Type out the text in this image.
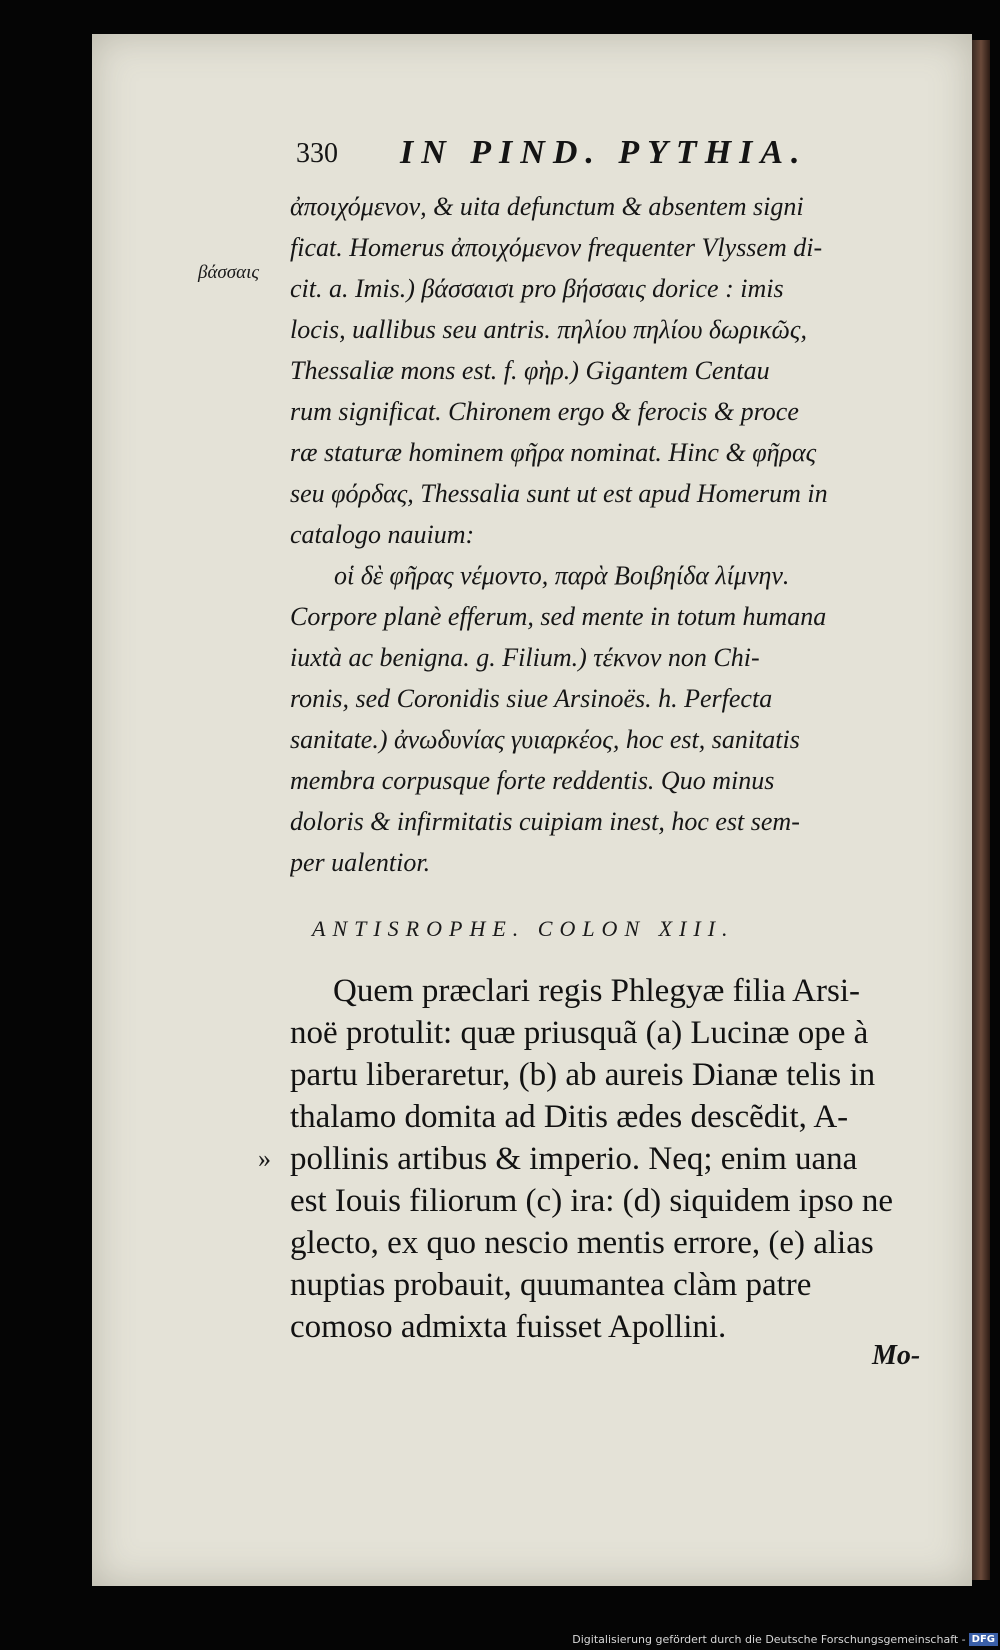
330 IN PIND. PYTHIA.
βάσσαις
ἀποιχόμενον, & uita defunctum & absentem signi
ficat. Homerus ἀποιχόμενον frequenter Vlyssem di-
cit. a. Imis.) βάσσαισι pro βήσσαις dorice : imis
locis, uallibus seu antris. πηλίου πηλίου δωρικῶς,
Thessaliæ mons est. f. φὴρ.) Gigantem Centau
rum significat. Chironem ergo & ferocis & proce
ræ staturæ hominem φῆρα nominat. Hinc & φῆρας
seu φόρδας, Thessalia sunt ut est apud Homerum in
catalogo nauium:
οἱ δὲ φῆρας νέμοντο, παρὰ Βοιβηίδα λίμνην.
Corpore planè efferum, sed mente in totum humana
iuxtà ac benigna. g. Filium.) τέκνον non Chi-
ronis, sed Coronidis siue Arsinoës. h. Perfecta
sanitate.) ἀνωδυνίας γυιαρκέος, hoc est, sanitatis
membra corpusque forte reddentis. Quo minus
doloris & infirmitatis cuipiam inest, hoc est sem-
per ualentior.
ANTISROPHE. COLON XIII.
»
Quem præclari regis Phlegyæ filia Arsi-
noë protulit: quæ priusquã (a) Lucinæ ope à
partu liberaretur, (b) ab aureis Dianæ telis in
thalamo domita ad Ditis ædes descẽdit, A-
pollinis artibus & imperio. Neq; enim uana
est Iouis filiorum (c) ira: (d) siquidem ipso ne
glecto, ex quo nescio mentis errore, (e) alias
nuptias probauit, quumantea clàm patre
comoso admixta fuisset Apollini.
Mo-
Digitalisierung gefördert durch die Deutsche Forschungsgemeinschaft - DFG
